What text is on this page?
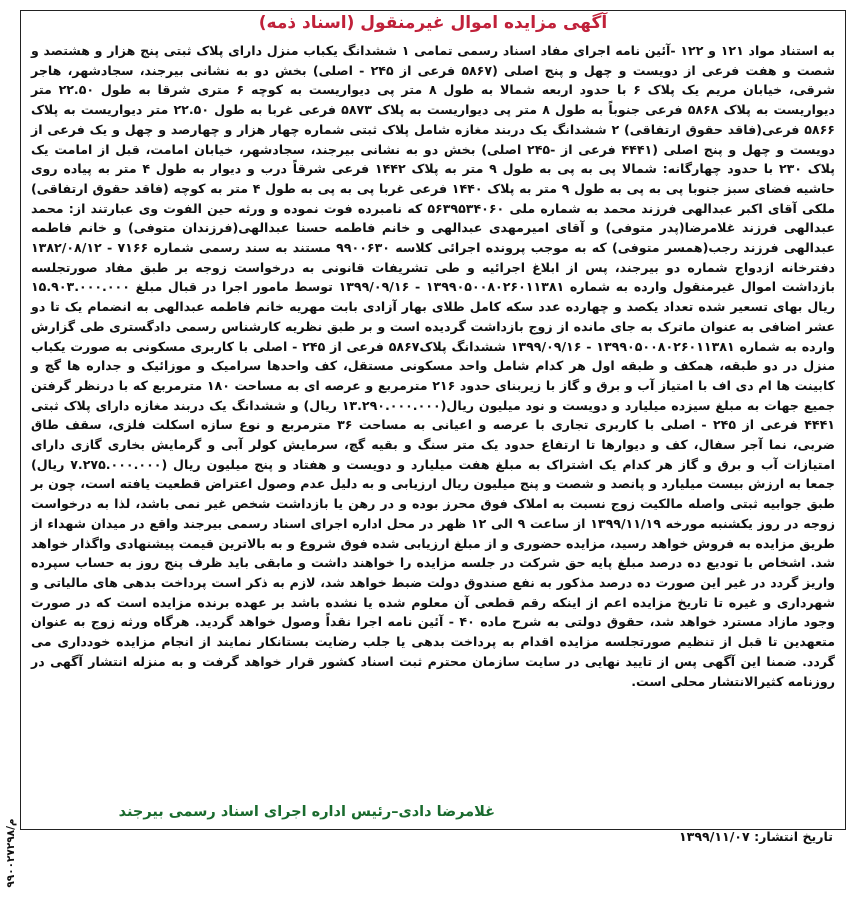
آگهی مزایده اموال غیرمنقول (اسناد ذمه)

به استناد مواد ۱۲۱ و ۱۲۲ -آئین نامه اجرای مفاد اسناد رسمی تمامی ۱ ششدانگ یکباب منزل دارای پلاک ثبتی پنج هزار و هشتصد و شصت و هفت فرعی از دویست و چهل و پنج اصلی (۵۸۶۷ فرعی از ۲۴۵ - اصلی) بخش دو به نشانی بیرجند، سجادشهر، هاجر شرقی، خیابان مریم یک پلاک ۶ با حدود اربعه شمالا به طول ۸ متر پی دیواریست به کوچه ۶ متری شرقا به طول ۲۲.۵۰ متر دیواریست به پلاک ۵۸۶۸ فرعی جنوباً به طول ۸ متر پی دیواریست به پلاک ۵۸۷۳ فرعی غربا به طول ۲۲.۵۰ متر دیواریست به پلاک ۵۸۶۶ فرعی(فاقد حقوق ارتفاقی) ۲ ششدانگ یک دربند مغازه شامل پلاک ثبتی شماره چهار هزار و چهارصد و چهل و یک فرعی از دویست و چهل و پنج اصلی (۴۴۴۱ فرعی از -۲۴۵ اصلی) بخش دو به نشانی بیرجند، سجادشهر، خیابان امامت، قبل از امامت یک پلاک ۲۳۰ با حدود چهارگانه: شمالا پی به پی به طول ۹ متر به پلاک ۱۴۴۲ فرعی شرقاً درب و دیوار به طول ۴ متر به پیاده روی حاشیه فضای سبز جنوبا پی به پی به طول ۹ متر به پلاک ۱۴۴۰ فرعی غربا پی به پی به طول ۴ متر به کوچه (فاقد حقوق ارتفاقی) ملکی آقای اکبر عبدالهی فرزند محمد به شماره ملی ۵۶۳۹۵۳۴۰۶۰ که نامبرده فوت نموده و ورثه حین الفوت وی عبارتند از: محمد عبدالهی فرزند غلامرضا(پدر متوفی) و آقای امیرمهدی عبدالهی و خانم فاطمه حسنا عبدالهی(فرزندان متوفی) و خانم فاطمه عبدالهی فرزند رجب(همسر متوفی) که به موجب پرونده اجرائی کلاسه ۹۹۰۰۶۳۰ مستند به سند رسمی شماره ۷۱۶۶ - ۱۳۸۲/۰۸/۱۲ دفترخانه ازدواج شماره دو بیرجند، پس از ابلاغ اجرائیه و طی تشریفات قانونی به درخواست زوجه بر طبق مفاد صورتجلسه بازداشت اموال غیرمنقول وارده به شماره ۱۳۹۹۰۵۰۰۸۰۲۶۰۱۱۳۸۱ - ۱۳۹۹/۰۹/۱۶ توسط مامور اجرا در قبال مبلغ ۱۵.۹۰۳.۰۰۰.۰۰۰ ریال بهای تسعیر شده تعداد یکصد و چهارده عدد سکه کامل طلای بهار آزادی بابت مهریه خانم فاطمه عبدالهی به انضمام یک تا دو عشر اضافی به عنوان ماترک به جای مانده از زوج بازداشت گردیده است و بر طبق نظریه کارشناس رسمی دادگستری طی گزارش وارده به شماره ۱۳۹۹۰۵۰۰۸۰۲۶۰۱۱۳۸۱ - ۱۳۹۹/۰۹/۱۶ ششدانگ پلاک۵۸۶۷ فرعی از ۲۴۵ - اصلی با کاربری مسکونی به صورت یکباب منزل در دو طبقه، همکف و طبقه اول هر کدام شامل واحد مسکونی مستقل، کف واحدها سرامیک و موزائیک و جداره ها گچ و کابینت ها ام دی اف با امتیاز آب و برق و گاز با زیربنای حدود ۲۱۶ مترمربع و عرصه ای به مساحت ۱۸۰ مترمربع که با درنظر گرفتن جمیع جهات به مبلغ سیزده میلیارد و دویست و نود میلیون ریال(۱۳.۲۹۰.۰۰۰.۰۰۰ ریال) و ششدانگ یک دربند مغازه دارای پلاک ثبتی ۴۴۴۱ فرعی از ۲۴۵ - اصلی با کاربری تجاری با عرصه و اعیانی به مساحت ۳۶ مترمربع و نوع سازه اسکلت فلزی، سقف طاق ضربی، نما آجر سفال، کف و دیوارها تا ارتفاع حدود یک متر سنگ و بقیه گچ، سرمایش کولر آبی و گرمایش بخاری گازی دارای امتیازات آب و برق و گاز هر کدام یک اشتراک به مبلغ هفت میلیارد و دویست و هفتاد و پنج میلیون ریال (۷.۲۷۵.۰۰۰.۰۰۰ ریال) جمعا به ارزش بیست میلیارد و پانصد و شصت و پنج میلیون ریال ارزیابی و به دلیل عدم وصول اعتراض قطعیت یافته است، چون بر طبق جوابیه ثبتی واصله مالکیت زوج نسبت به املاک فوق محرز بوده و در رهن یا بازداشت شخص غیر نمی باشد، لذا به درخواست زوجه در روز یکشنبه مورخه ۱۳۹۹/۱۱/۱۹ از ساعت ۹ الی ۱۲ ظهر در محل اداره اجرای اسناد رسمی بیرجند واقع در میدان شهداء از طریق مزایده به فروش خواهد رسید، مزایده حضوری و از مبلغ ارزیابی شده فوق شروع و به بالاترین قیمت پیشنهادی واگذار خواهد شد. اشخاص با تودیع ده درصد مبلغ پایه حق شرکت در جلسه مزایده را خواهند داشت و مابقی باید ظرف پنج روز به حساب سپرده واریز گردد در غیر این صورت ده درصد مذکور به نفع صندوق دولت ضبط خواهد شد، لازم به ذکر است پرداخت بدهی های مالیاتی و شهرداری و غیره تا تاریخ مزایده اعم از اینکه رقم قطعی آن معلوم شده یا نشده باشد بر عهده برنده مزایده است که در صورت وجود مازاد مسترد خواهد شد، حقوق دولتی به شرح ماده ۴۰ - آئین نامه اجرا نقداً وصول خواهد گردید. هرگاه ورثه زوج به عنوان متعهدین تا قبل از تنظیم صورتجلسه مزایده اقدام به پرداخت بدهی یا جلب رضایت بستانکار نمایند از انجام مزایده خودداری می گردد. ضمنا این آگهی پس از تایید نهایی در سایت سازمان محترم ثبت اسناد کشور قرار خواهد گرفت و به منزله انتشار آگهی در روزنامه کثیرالانتشار محلی است.

غلامرضا دادی–رئیس اداره اجرای اسناد رسمی بیرجند
تاریخ انتشار: ۱۳۹۹/۱۱/۰۷
م/۹۹۰۰۲۷۲۹۸
